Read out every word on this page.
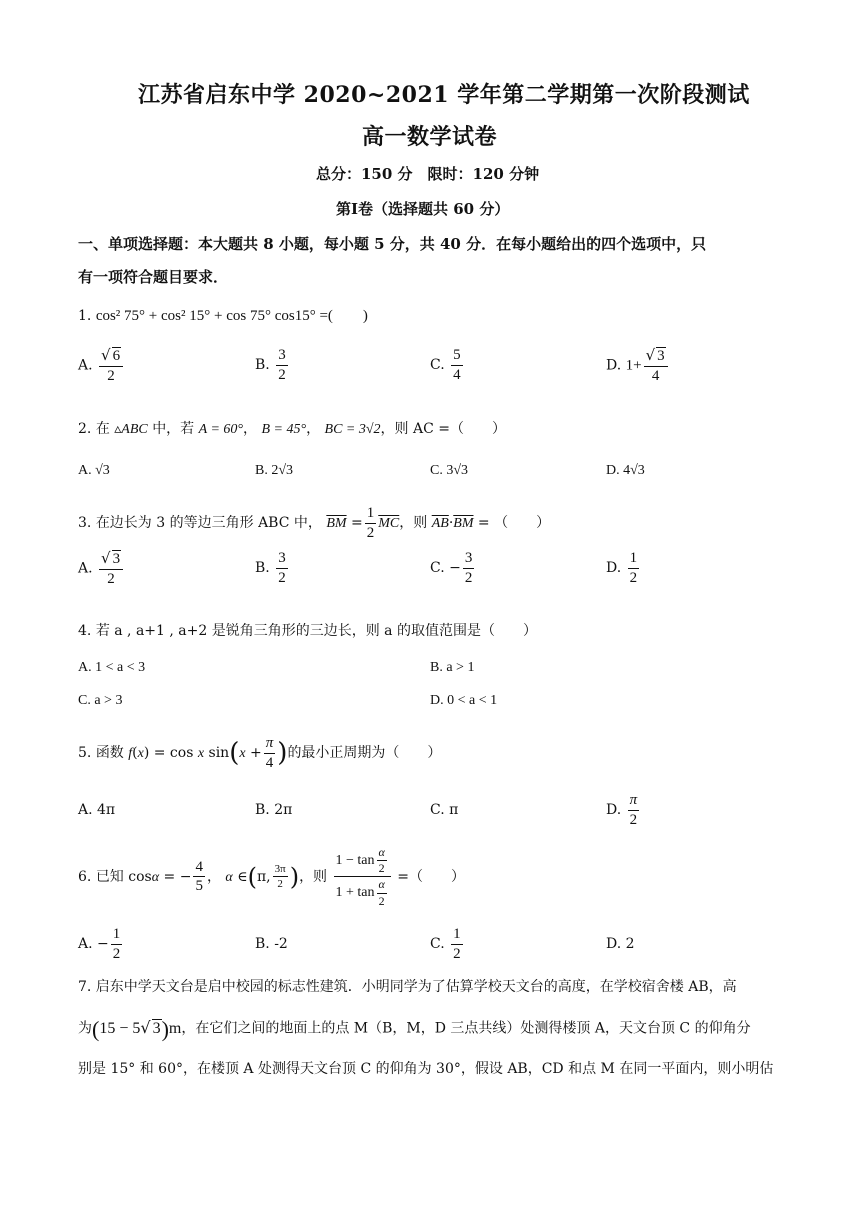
江苏省启东中学 2020~2021 学年第二学期第一次阶段测试
高一数学试卷
总分：150 分　限时：120 分钟
第Ⅰ卷（选择题共 60 分）
一、单项选择题：本大题共 8 小题，每小题 5 分，共 40 分．在每小题给出的四个选项中，只
有一项符合题目要求．
1. cos² 75° + cos² 15° + cos 75° cos15° =(　　)
A. $\frac{√ 6}{2}$	B. $\frac{3}{2}$	C. $\frac{5}{4}$	D. $1+ \frac{√ 3}{4}$
2. 在 ▵ABC 中，若 A = 60°， B = 45°， BC = 3√2，则 AC =（　　）
A. √3	B. 2√3	C. 3√3	D. 4√3
3. 在边长为 3 的等边三角形 ABC 中， $\overline{BM} = \frac{1}{2} \overline{MC}$，则 $\overline{AB}\cdot\overline{BM}$ = （　　）
A. $\frac{√ 3}{2}$	B. $\frac{3}{2}$	C. − $\frac{3}{2}$	D. $\frac{1}{2}$
4. 若 a , a+1 , a+2 是锐角三角形的三边长，则 a 的取值范围是（　　）
A. 1 < a < 3	B. a > 1
C. a > 3	D. 0 < a < 1
5. 函数 f(x) = cos x $\sin(x + \frac{\pi}{4}$ )的最小正周期为（　　）
A. 4π	B. 2π	C. π	D. $\frac{\pi}{2}$
6. 已知 cosα = − $\frac{4}{5}$ ， α ∈(π, $\frac{3\pi}{2}$ )，则 $\frac{1 - \tan \frac{\alpha}{2}}{1 + \tan \frac{\alpha}{2}}$ =（　　）
A. − $\frac{1}{2}$	B. -2	C. $\frac{1}{2}$	D. 2
7. 启东中学天文台是启中校园的标志性建筑．小明同学为了估算学校天文台的高度，在学校宿舍楼 AB，高
为(15 − 5√ 3)m，在它们之间的地面上的点 M（B，M，D 三点共线）处测得楼顶 A，天文台顶 C 的仰角分
别是 15° 和 60°，在楼顶 A 处测得天文台顶 C 的仰角为 30°，假设 AB，CD 和点 M 在同一平面内，则小明估
